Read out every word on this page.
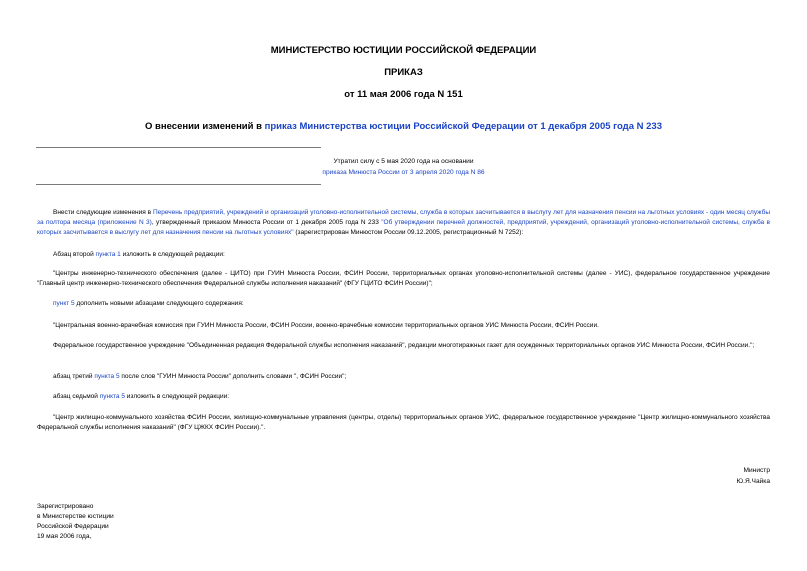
МИНИСТЕРСТВО ЮСТИЦИИ РОССИЙСКОЙ ФЕДЕРАЦИИ
ПРИКАЗ
от 11 мая 2006 года N 151
О внесении изменений в приказ Министерства юстиции Российской Федерации от 1 декабря 2005 года N 233
Утратил силу с 5 мая 2020 года на основании
приказа Минюста России от 3 апреля 2020 года N 86
Внести следующие изменения в Перечень предприятий, учреждений и организаций уголовно-исполнительной системы, служба в которых засчитывается в выслугу лет для назначения пенсии на льготных условиях - один месяц службы за полтора месяца (приложение N 3), утвержденный приказом Минюста России от 1 декабря 2005 года N 233 "Об утверждении перечней должностей, предприятий, учреждений, организаций уголовно-исполнительной системы, служба в которых засчитывается в выслугу лет для назначения пенсии на льготных условиях" (зарегистрирован Минюстом России 09.12.2005, регистрационный N 7252):
Абзац второй пункта 1 изложить в следующей редакции:
"Центры инженерно-технического обеспечения (далее - ЦИТО) при ГУИН Минюста России, ФСИН России, территориальных органах уголовно-исполнительной системы (далее - УИС), федеральное государственное учреждение "Главный центр инженерно-технического обеспечения Федеральной службы исполнения наказаний" (ФГУ ГЦИТО ФСИН России)";
пункт 5 дополнить новыми абзацами следующего содержания:
"Центральная военно-врачебная комиссия при ГУИН Минюста России, ФСИН России, военно-врачебные комиссии территориальных органов УИС Минюста России, ФСИН России.
Федеральное государственное учреждение "Объединенная редакция Федеральной службы исполнения наказаний", редакции многотиражных газет для осужденных территориальных органов УИС Минюста России, ФСИН России.";
абзац третий пункта 5 после слов "ГУИН Минюста России" дополнить словами ", ФСИН России";
абзац седьмой пункта 5 изложить в следующей редакции:
"Центр жилищно-коммунального хозяйства ФСИН России, жилищно-коммунальные управления (центры, отделы) территориальных органов УИС, федеральное государственное учреждение "Центр жилищно-коммунального хозяйства Федеральной службы исполнения наказаний" (ФГУ ЦЖКХ ФСИН России).".
Министр
Ю.Я.Чайка
Зарегистрировано
в Министерстве юстиции
Российской Федерации
19 мая 2006 года,
